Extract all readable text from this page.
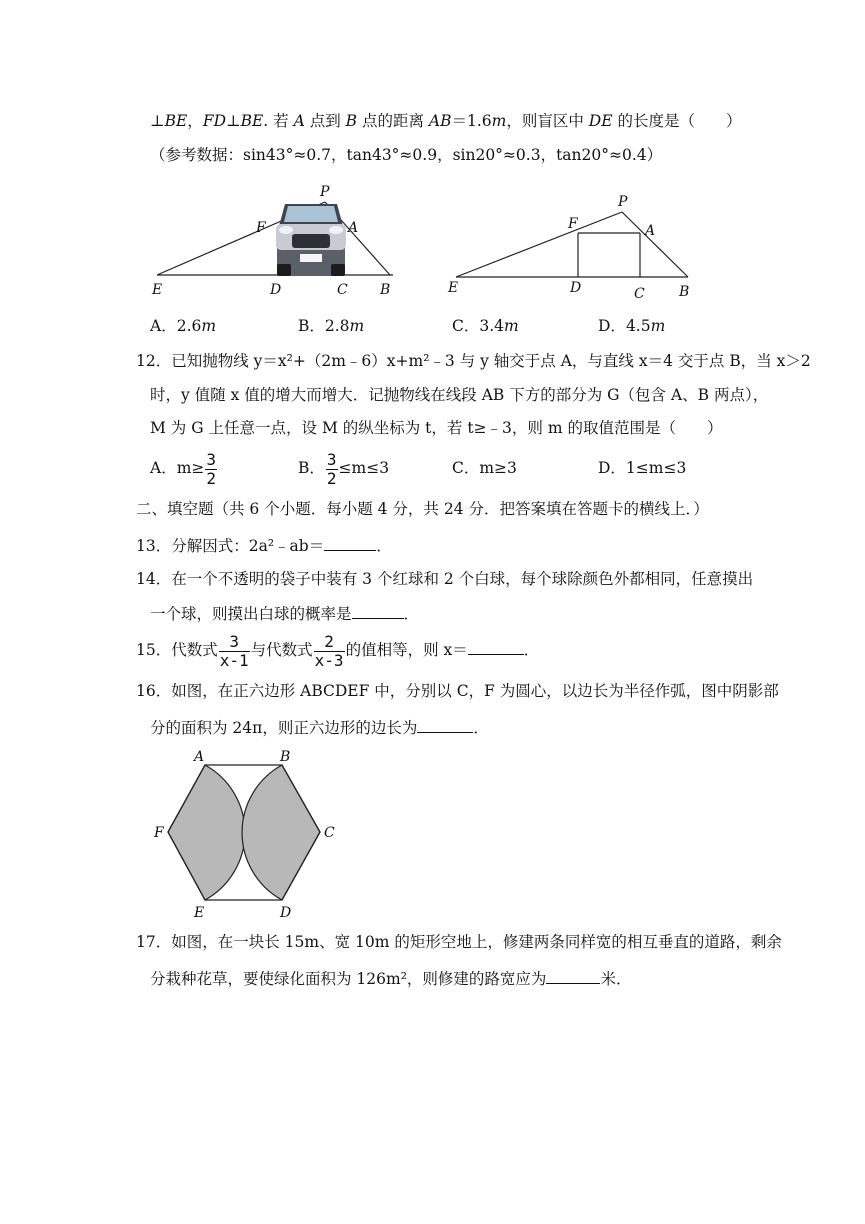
⊥BE，FD⊥BE. 若 A 点到 B 点的距离 AB＝1.6m，则盲区中 DE 的长度是（　　）
（参考数据：sin43°≈0.7，tan43°≈0.9，sin20°≈0.3，tan20°≈0.4）
P
F	A
E	D	C B
P
F	A
E	D	C B
A．2.6m	B．2.8m	C．3.4m	D．4.5m
12．已知抛物线 y＝x²+（2m﹣6）x+m²﹣3 与 y 轴交于点 A，与直线 x＝4 交于点 B，当 x＞2
时，y 值随 x 值的增大而增大．记抛物线在线段 AB 下方的部分为 G（包含 A、B 两点），
M 为 G 上任意一点，设 M 的纵坐标为 t，若 t≥﹣3，则 m 的取值范围是（　　）
A．$m\ge \frac{3}{2}$	B． $\frac{3}{2} \le m\le 3$	C．m≥3	D．1≤m≤3
二、填空题（共 6 个小题．每小题 4 分，共 24 分．把答案填在答题卡的横线上．）
13．分解因式：2a²﹣ab＝	．
14．在一个不透明的袋子中装有 3 个红球和 2 个白球，每个球除颜色外都相同，任意摸出
一个球，则摸出白球的概率是	．
15．代数式 $\frac{3}{x-1}$ 与代数式 $\frac{2}{x-3}$ 的值相等，则 x＝	．
16．如图，在正六边形 ABCDEF 中，分别以 C，F 为圆心，以边长为半径作弧，图中阴影部
分的面积为 24π，则正六边形的边长为	．
A	B
C
D
E
F
17．如图，在一块长 15m、宽 10m 的矩形空地上，修建两条同样宽的相互垂直的道路，剩余
分栽种花草，要使绿化面积为 126m²，则修建的路宽应为	米．
